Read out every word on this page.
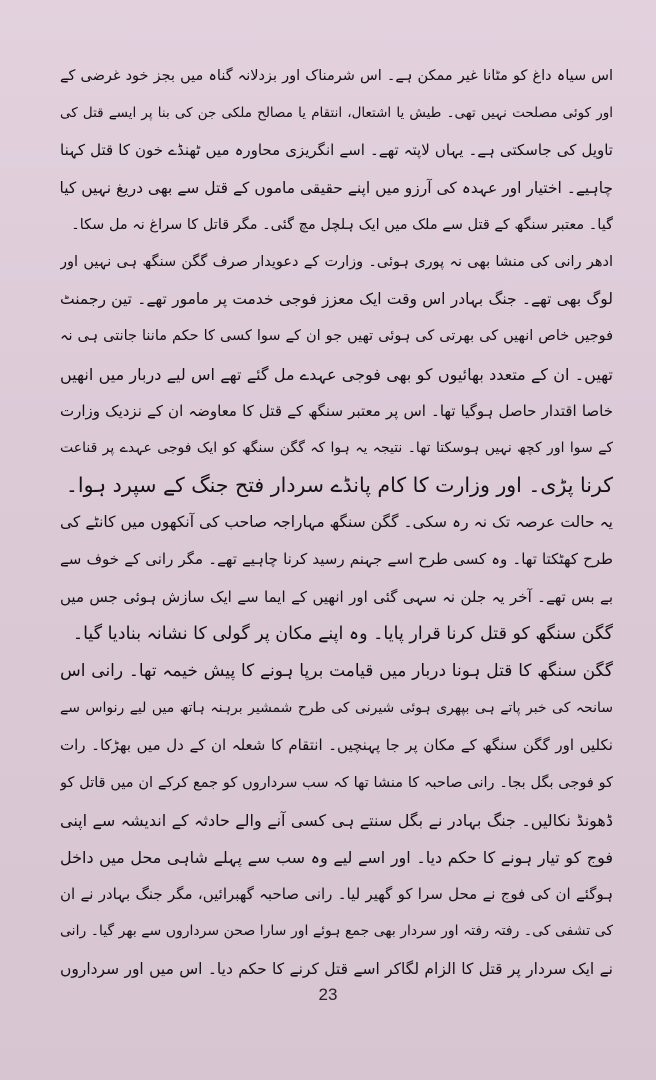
اس سیاہ داغ کو مٹانا غیر ممکن ہے۔ اس شرمناک اور بزدلانہ گناہ میں بجز خود غرضی کے
اور کوئی مصلحت نہیں تھی۔ طیش یا اشتعال، انتقام یا مصالح ملکی جن کی بنا پر ایسے قتل کی
تاویل کی جاسکتی ہے۔ یہاں لاپتہ تھے۔ اسے انگریزی محاورہ میں ٹھنڈے خون کا قتل کہنا
چاہیے۔ اختیار اور عہدہ کی آرزو میں اپنے حقیقی ماموں کے قتل سے بھی دریغ نہیں کیا
گیا۔ معتبر سنگھ کے قتل سے ملک میں ایک ہلچل مچ گئی۔ مگر قاتل کا سراغ نہ مل سکا۔
ادھر رانی کی منشا بھی نہ پوری ہوئی۔ وزارت کے دعویدار صرف گگن سنگھ ہی نہیں اور
لوگ بھی تھے۔ جنگ بہادر اس وقت ایک معزز فوجی خدمت پر مامور تھے۔ تین رجمنٹ
فوجیں خاص انھیں کی بھرتی کی ہوئی تھیں جو ان کے سوا کسی کا حکم ماننا جانتی ہی نہ
تھیں۔ ان کے متعدد بھائیوں کو بھی فوجی عہدے مل گئے تھے اس لیے دربار میں انھیں
خاصا اقتدار حاصل ہوگیا تھا۔ اس پر معتبر سنگھ کے قتل کا معاوضہ ان کے نزدیک وزارت
کے سوا اور کچھ نہیں ہوسکتا تھا۔ نتیجہ یہ ہوا کہ گگن سنگھ کو ایک فوجی عہدے پر قناعت
کرنا پڑی۔ اور وزارت کا کام پانڈے سردار فتح جنگ کے سپرد ہوا۔
یہ حالت عرصہ تک نہ رہ سکی۔ گگن سنگھ مہاراجہ صاحب کی آنکھوں میں کانٹے کی
طرح کھٹکتا تھا۔ وہ کسی طرح اسے جہنم رسید کرنا چاہیے تھے۔ مگر رانی کے خوف سے
بے بس تھے۔ آخر یہ جلن نہ سہی گئی اور انھیں کے ایما سے ایک سازش ہوئی جس میں
گگن سنگھ کو قتل کرنا قرار پایا۔ وہ اپنے مکان پر گولی کا نشانہ بنادیا گیا۔
گگن سنگھ کا قتل ہونا دربار میں قیامت برپا ہونے کا پیش خیمہ تھا۔ رانی اس
سانحہ کی خبر پاتے ہی بپھری ہوئی شیرنی کی طرح شمشیر برہنہ ہاتھ میں لیے رنواس سے
نکلیں اور گگن سنگھ کے مکان پر جا پہنچیں۔ انتقام کا شعلہ ان کے دل میں بھڑکا۔ رات
کو فوجی بگل بجا۔ رانی صاحبہ کا منشا تھا کہ سب سرداروں کو جمع کرکے ان میں قاتل کو
ڈھونڈ نکالیں۔ جنگ بہادر نے بگل سنتے ہی کسی آنے والے حادثہ کے اندیشہ سے اپنی
فوج کو تیار ہونے کا حکم دیا۔ اور اسے لیے وہ سب سے پہلے شاہی محل میں داخل
ہوگئے ان کی فوج نے محل سرا کو گھیر لیا۔ رانی صاحبہ گھبرائیں، مگر جنگ بہادر نے ان
کی تشفی کی۔ رفتہ رفتہ اور سردار بھی جمع ہوئے اور سارا صحن سرداروں سے بھر گیا۔ رانی
نے ایک سردار پر قتل کا الزام لگاکر اسے قتل کرنے کا حکم دیا۔ اس میں اور سرداروں
23
